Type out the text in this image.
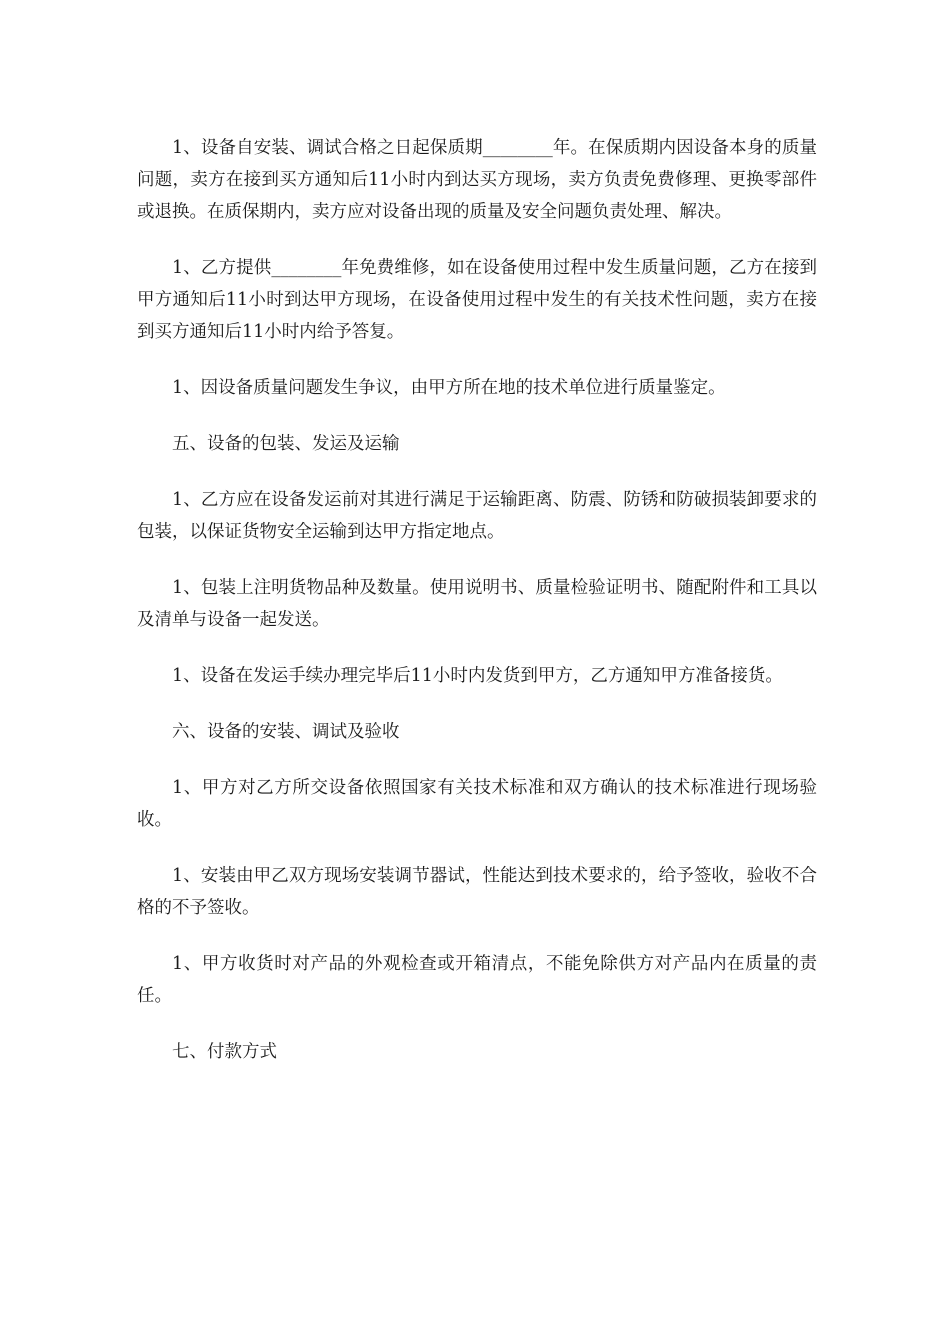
1、设备自安装、调试合格之日起保质期________年。在保质期内因设备本身的质量问题，卖方在接到买方通知后11小时内到达买方现场，卖方负责免费修理、更换零部件或退换。在质保期内，卖方应对设备出现的质量及安全问题负责处理、解决。

1、乙方提供________年免费维修，如在设备使用过程中发生质量问题，乙方在接到甲方通知后11小时到达甲方现场，在设备使用过程中发生的有关技术性问题，卖方在接到买方通知后11小时内给予答复。

1、因设备质量问题发生争议，由甲方所在地的技术单位进行质量鉴定。

五、设备的包装、发运及运输

1、乙方应在设备发运前对其进行满足于运输距离、防震、防锈和防破损装卸要求的包装，以保证货物安全运输到达甲方指定地点。

1、包装上注明货物品种及数量。使用说明书、质量检验证明书、随配附件和工具以及清单与设备一起发送。

1、设备在发运手续办理完毕后11小时内发货到甲方，乙方通知甲方准备接货。

六、设备的安装、调试及验收

1、甲方对乙方所交设备依照国家有关技术标准和双方确认的技术标准进行现场验收。

1、安装由甲乙双方现场安装调节器试，性能达到技术要求的，给予签收，验收不合格的不予签收。

1、甲方收货时对产品的外观检查或开箱清点，不能免除供方对产品内在质量的责任。

七、付款方式
